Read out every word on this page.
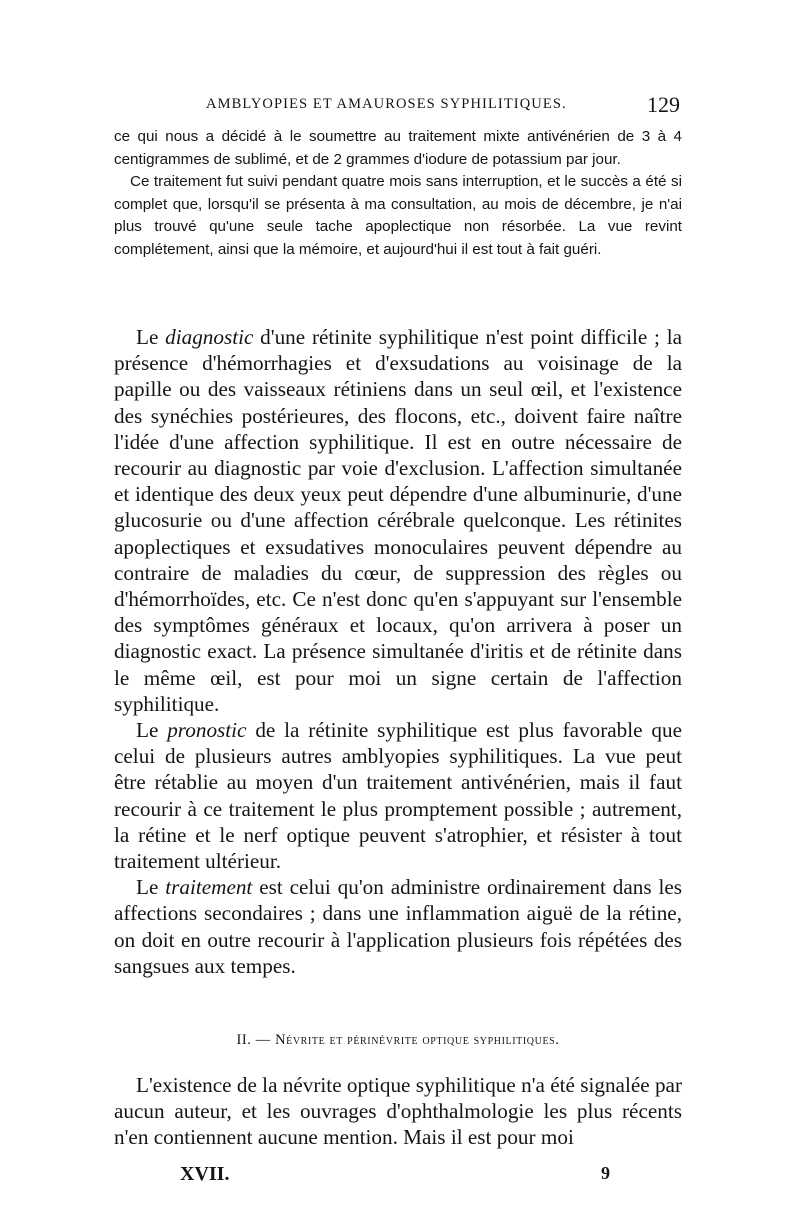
AMBLYOPIES ET AMAUROSES SYPHILITIQUES.	129

ce qui nous a décidé à le soumettre au traitement mixte antivénérien de 3 à 4 centigrammes de sublimé, et de 2 grammes d'iodure de potassium par jour.

Ce traitement fut suivi pendant quatre mois sans interruption, et le succès a été si complet que, lorsqu'il se présenta à ma consultation, au mois de décembre, je n'ai plus trouvé qu'une seule tache apoplectique non résorbée. La vue revint complétement, ainsi que la mémoire, et aujourd'hui il est tout à fait guéri.

Le diagnostic d'une rétinite syphilitique n'est point difficile ; la présence d'hémorrhagies et d'exsudations au voisinage de la papille ou des vaisseaux rétiniens dans un seul œil, et l'existence des synéchies postérieures, des flocons, etc., doivent faire naître l'idée d'une affection syphilitique. Il est en outre nécessaire de recourir au diagnostic par voie d'exclusion. L'affection simultanée et identique des deux yeux peut dépendre d'une albuminurie, d'une glucosurie ou d'une affection cérébrale quelconque. Les rétinites apoplectiques et exsudatives monoculaires peuvent dépendre au contraire de maladies du cœur, de suppression des règles ou d'hémorrhoïdes, etc. Ce n'est donc qu'en s'appuyant sur l'ensemble des symptômes généraux et locaux, qu'on arrivera à poser un diagnostic exact. La présence simultanée d'iritis et de rétinite dans le même œil, est pour moi un signe certain de l'affection syphilitique.

Le pronostic de la rétinite syphilitique est plus favorable que celui de plusieurs autres amblyopies syphilitiques. La vue peut être rétablie au moyen d'un traitement antivénérien, mais il faut recourir à ce traitement le plus promptement possible ; autrement, la rétine et le nerf optique peuvent s'atrophier, et résister à tout traitement ultérieur.

Le traitement est celui qu'on administre ordinairement dans les affections secondaires ; dans une inflammation aiguë de la rétine, on doit en outre recourir à l'application plusieurs fois répétées des sangsues aux tempes.

II. — Névrite et périnévrite optique syphilitiques.

L'existence de la névrite optique syphilitique n'a été signalée par aucun auteur, et les ouvrages d'ophthalmologie les plus récents n'en contiennent aucune mention. Mais il est pour moi

XVII.	9
